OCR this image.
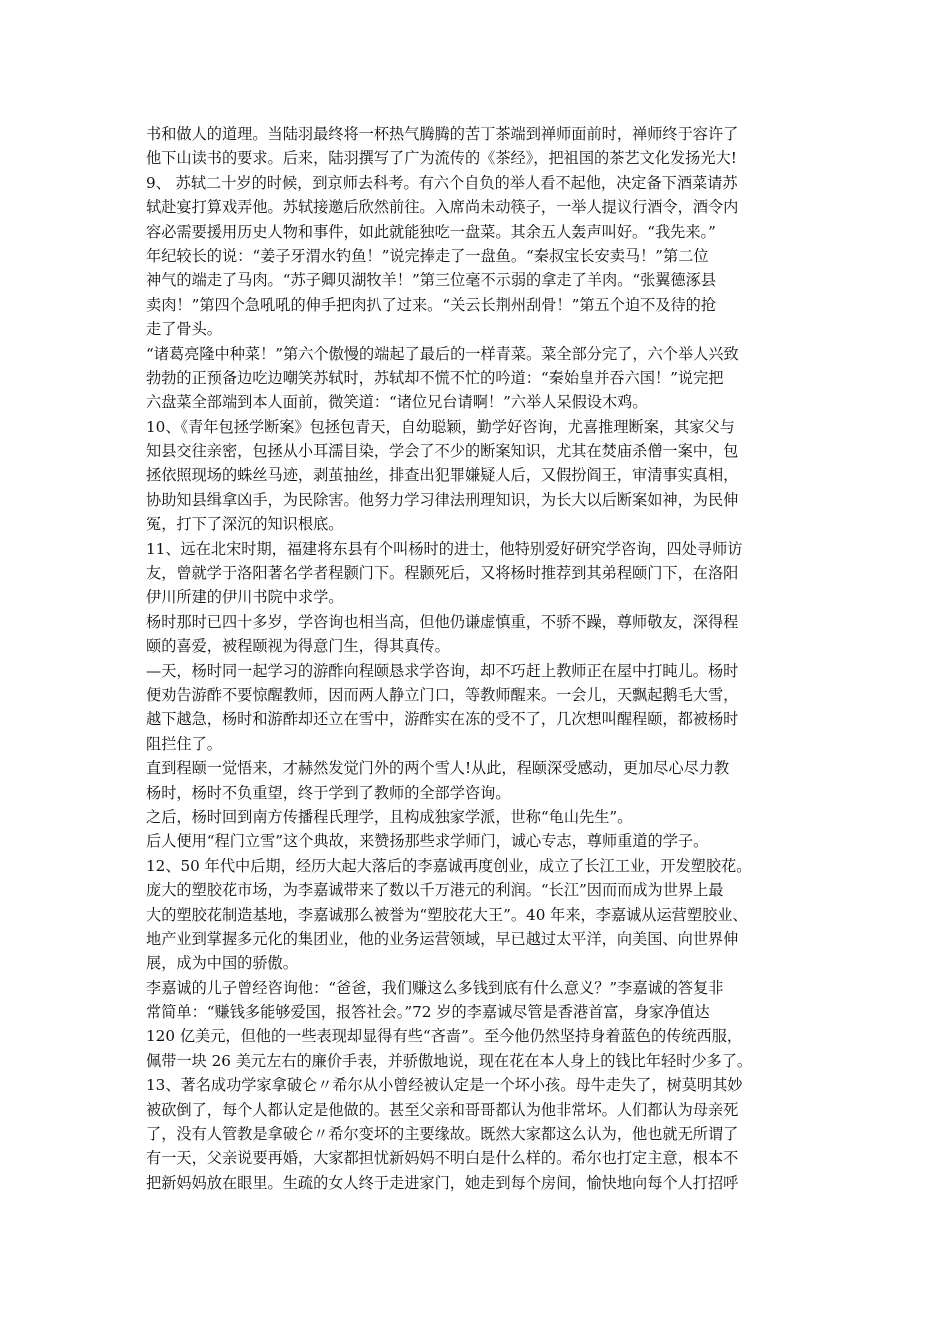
书和做人的道理。当陆羽最终将一杯热气腾腾的苦丁茶端到禅师面前时，禅师终于容许了
他下山读书的要求。后来，陆羽撰写了广为流传的《茶经》，把祖国的茶艺文化发扬光大!
9、 苏轼二十岁的时候，到京师去科考。有六个自负的举人看不起他，决定备下酒菜请苏
轼赴宴打算戏弄他。苏轼接邀后欣然前往。入席尚未动筷子，一举人提议行酒令，酒令内
容必需要援用历史人物和事件，如此就能独吃一盘菜。其余五人轰声叫好。“我先来。”
年纪较长的说：“姜子牙渭水钓鱼！”说完捧走了一盘鱼。“秦叔宝长安卖马！”第二位
神气的端走了马肉。“苏子卿贝湖牧羊！”第三位毫不示弱的拿走了羊肉。“张翼德涿县
卖肉！”第四个急吼吼的伸手把肉扒了过来。“关云长荆州刮骨！”第五个迫不及待的抢
走了骨头。
“诸葛亮隆中种菜！”第六个傲慢的端起了最后的一样青菜。菜全部分完了，六个举人兴致
勃勃的正预备边吃边嘲笑苏轼时，苏轼却不慌不忙的吟道：“秦始皇并吞六国！”说完把
六盘菜全部端到本人面前，微笑道：“诸位兄台请啊！”六举人呆假设木鸡。
10、《青年包拯学断案》包拯包青天，自幼聪颖，勤学好咨询，尤喜推理断案，其家父与
知县交往亲密，包拯从小耳濡目染，学会了不少的断案知识，尤其在焚庙杀僧一案中，包
拯依照现场的蛛丝马迹，剥茧抽丝，排查出犯罪嫌疑人后，又假扮阎王，审清事实真相，
协助知县缉拿凶手，为民除害。他努力学习律法刑理知识，为长大以后断案如神，为民伸
冤，打下了深沉的知识根底。
11、远在北宋时期，福建将东县有个叫杨时的进士，他特别爱好研究学咨询，四处寻师访
友，曾就学于洛阳著名学者程颢门下。程颢死后，又将杨时推荐到其弟程颐门下，在洛阳
伊川所建的伊川书院中求学。
杨时那时已四十多岁，学咨询也相当高，但他仍谦虚慎重，不骄不躁，尊师敬友，深得程
颐的喜爱，被程颐视为得意门生，得其真传。
—天，杨时同一起学习的游酢向程颐恳求学咨询，却不巧赶上教师正在屋中打盹儿。杨时
便劝告游酢不要惊醒教师，因而两人静立门口，等教师醒来。一会儿，天飘起鹅毛大雪，
越下越急，杨时和游酢却还立在雪中，游酢实在冻的受不了，几次想叫醒程颐，都被杨时
阻拦住了。
直到程颐一觉悟来，才赫然发觉门外的两个雪人!从此，程颐深受感动，更加尽心尽力教
杨时，杨时不负重望，终于学到了教师的全部学咨询。
之后，杨时回到南方传播程氏理学，且构成独家学派，世称“龟山先生”。
后人便用“程门立雪”这个典故，来赞扬那些求学师门，诚心专志，尊师重道的学子。
12、50 年代中后期，经历大起大落后的李嘉诚再度创业，成立了长江工业，开发塑胶花。
庞大的塑胶花市场，为李嘉诚带来了数以千万港元的利润。“长江”因而而成为世界上最
大的塑胶花制造基地，李嘉诚那么被誉为“塑胶花大王”。40 年来，李嘉诚从运营塑胶业、
地产业到掌握多元化的集团业，他的业务运营领域，早已越过太平洋，向美国、向世界伸
展，成为中国的骄傲。
李嘉诚的儿子曾经咨询他：“爸爸，我们赚这么多钱到底有什么意义？”李嘉诚的答复非
常简单：“赚钱多能够爱国，报答社会。”72 岁的李嘉诚尽管是香港首富，身家净值达
120 亿美元，但他的一些表现却显得有些“吝啬”。至今他仍然坚持身着蓝色的传统西服，
佩带一块 26 美元左右的廉价手表，并骄傲地说，现在花在本人身上的钱比年轻时少多了。
13、著名成功学家拿破仑〃希尔从小曾经被认定是一个坏小孩。母牛走失了，树莫明其妙
被砍倒了，每个人都认定是他做的。甚至父亲和哥哥都认为他非常坏。人们都认为母亲死
了，没有人管教是拿破仑〃希尔变坏的主要缘故。既然大家都这么认为，他也就无所谓了
有一天，父亲说要再婚，大家都担忧新妈妈不明白是什么样的。希尔也打定主意，根本不
把新妈妈放在眼里。生疏的女人终于走进家门，她走到每个房间，愉快地向每个人打招呼
